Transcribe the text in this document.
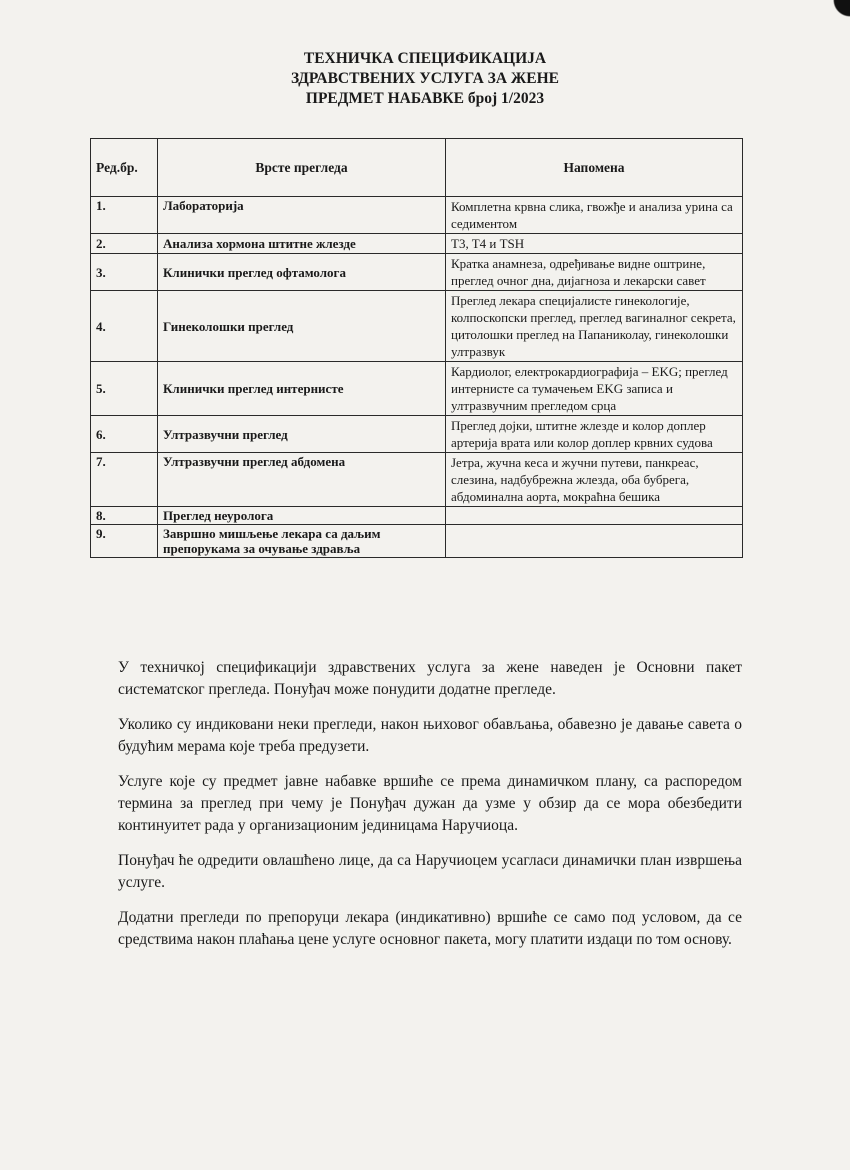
ТЕХНИЧКА СПЕЦИФИКАЦИЈА
ЗДРАВСТВЕНИХ УСЛУГА ЗА ЖЕНЕ
ПРЕДМЕТ НАБАВКЕ број 1/2023
Ред.бр.	Врсте прегледа	Напомена
1.	Лабораторија	Комплетна крвна слика, гвожђе и анализа урина са седиментом
2.	Анализа хормона штитне жлезде	T3, T4 и TSH
3.	Клинички преглед офтамолога	Кратка анамнеза, одређивање видне оштрине, преглед очног дна, дијагноза и лекарски савет
4.	Гинеколошки преглед	Преглед лекара специјалисте гинекологије, колпоскопски преглед, преглед вагиналног секрета, цитолошки преглед на Папаниколау, гинеколошки ултразвук
5.	Клинички преглед интернисте	Кардиолог, електрокардиографија – EKG; преглед интернисте са тумачењем EKG записа и ултразвучним прегледом срца
6.	Ултразвучни преглед	Преглед дојки, штитне жлезде и колор доплер артерија врата или колор доплер крвних судова
7.	Ултразвучни преглед абдомена	Јетра, жучна кеса и жучни путеви, панкреас, слезина, надбубрежна жлезда, оба бубрега, абдоминална аорта, мокраћна бешика
8.	Преглед неуролога	
9.	Завршно мишљење лекара са даљим препорукама за очување здравља	

У техничкој спецификацији здравствених услуга за жене наведен је Основни пакет систематског прегледа. Понуђач може понудити додатне прегледе.

Уколико су индиковани неки прегледи, након њиховог обављања, обавезно је давање савета о будућим мерама које треба предузети.

Услуге које су предмет јавне набавке вршиће се према динамичком плану, са распоредом термина за преглед при чему је Понуђач дужан да узме у обзир да се мора обезбедити континуитет рада у организационим јединицама Наручиоца.

Понуђач ће одредити овлашћено лице, да са Наручиоцем усагласи динамички план извршења услуге.

Додатни прегледи по препоруци лекара (индикативно) вршиће се само под условом, да се средствима након плаћања цене услуге основног пакета, могу платити издаци по том основу.
